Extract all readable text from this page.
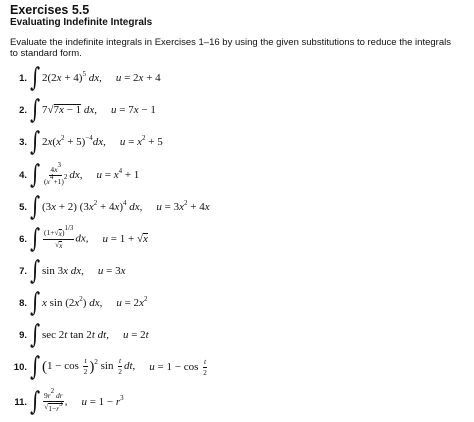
Exercises 5.5
Evaluating Indefinite Integrals
Evaluate the indefinite integrals in Exercises 1–16 by using the given substitutions to reduce the integrals to standard form.
1. ∫ $2(2x + 4)^5$ dx, u = 2x + 4
2. ∫ 7 √ 7x − 1 dx, u = 7x − 1
3. ∫ $2x(x^2 + 5)^{-4}dx$, $u = x^2 + 5$
4. ∫ $\frac{4x^3}{(x^4+1)^2}$ dx, $u = x^4 + 1$
5. ∫ (3x + 2) $(3x^2 + 4x)^4$ dx, $u = 3x^2 + 4x$
6. ∫ $\frac{(1+ √ x )^{1/3}}{√ x}$ dx, u = 1 + √ x
7. ∫ sin 3x dx, u = 3x
8. ∫ x $\sin (2x^2)$ dx, $u = 2x^2$
9. ∫ sec 2t tan 2t dt, u = 2t
10. ∫ $(1 - \cos \frac{t}{2} )^2$ $\sin \frac{t}{2}$ dt, $u = 1 - \cos \frac{t}{2}$
11. ∫ $\frac{9r^2 dr}{√ 1-r^3}$ , $u = 1 - r^3$
